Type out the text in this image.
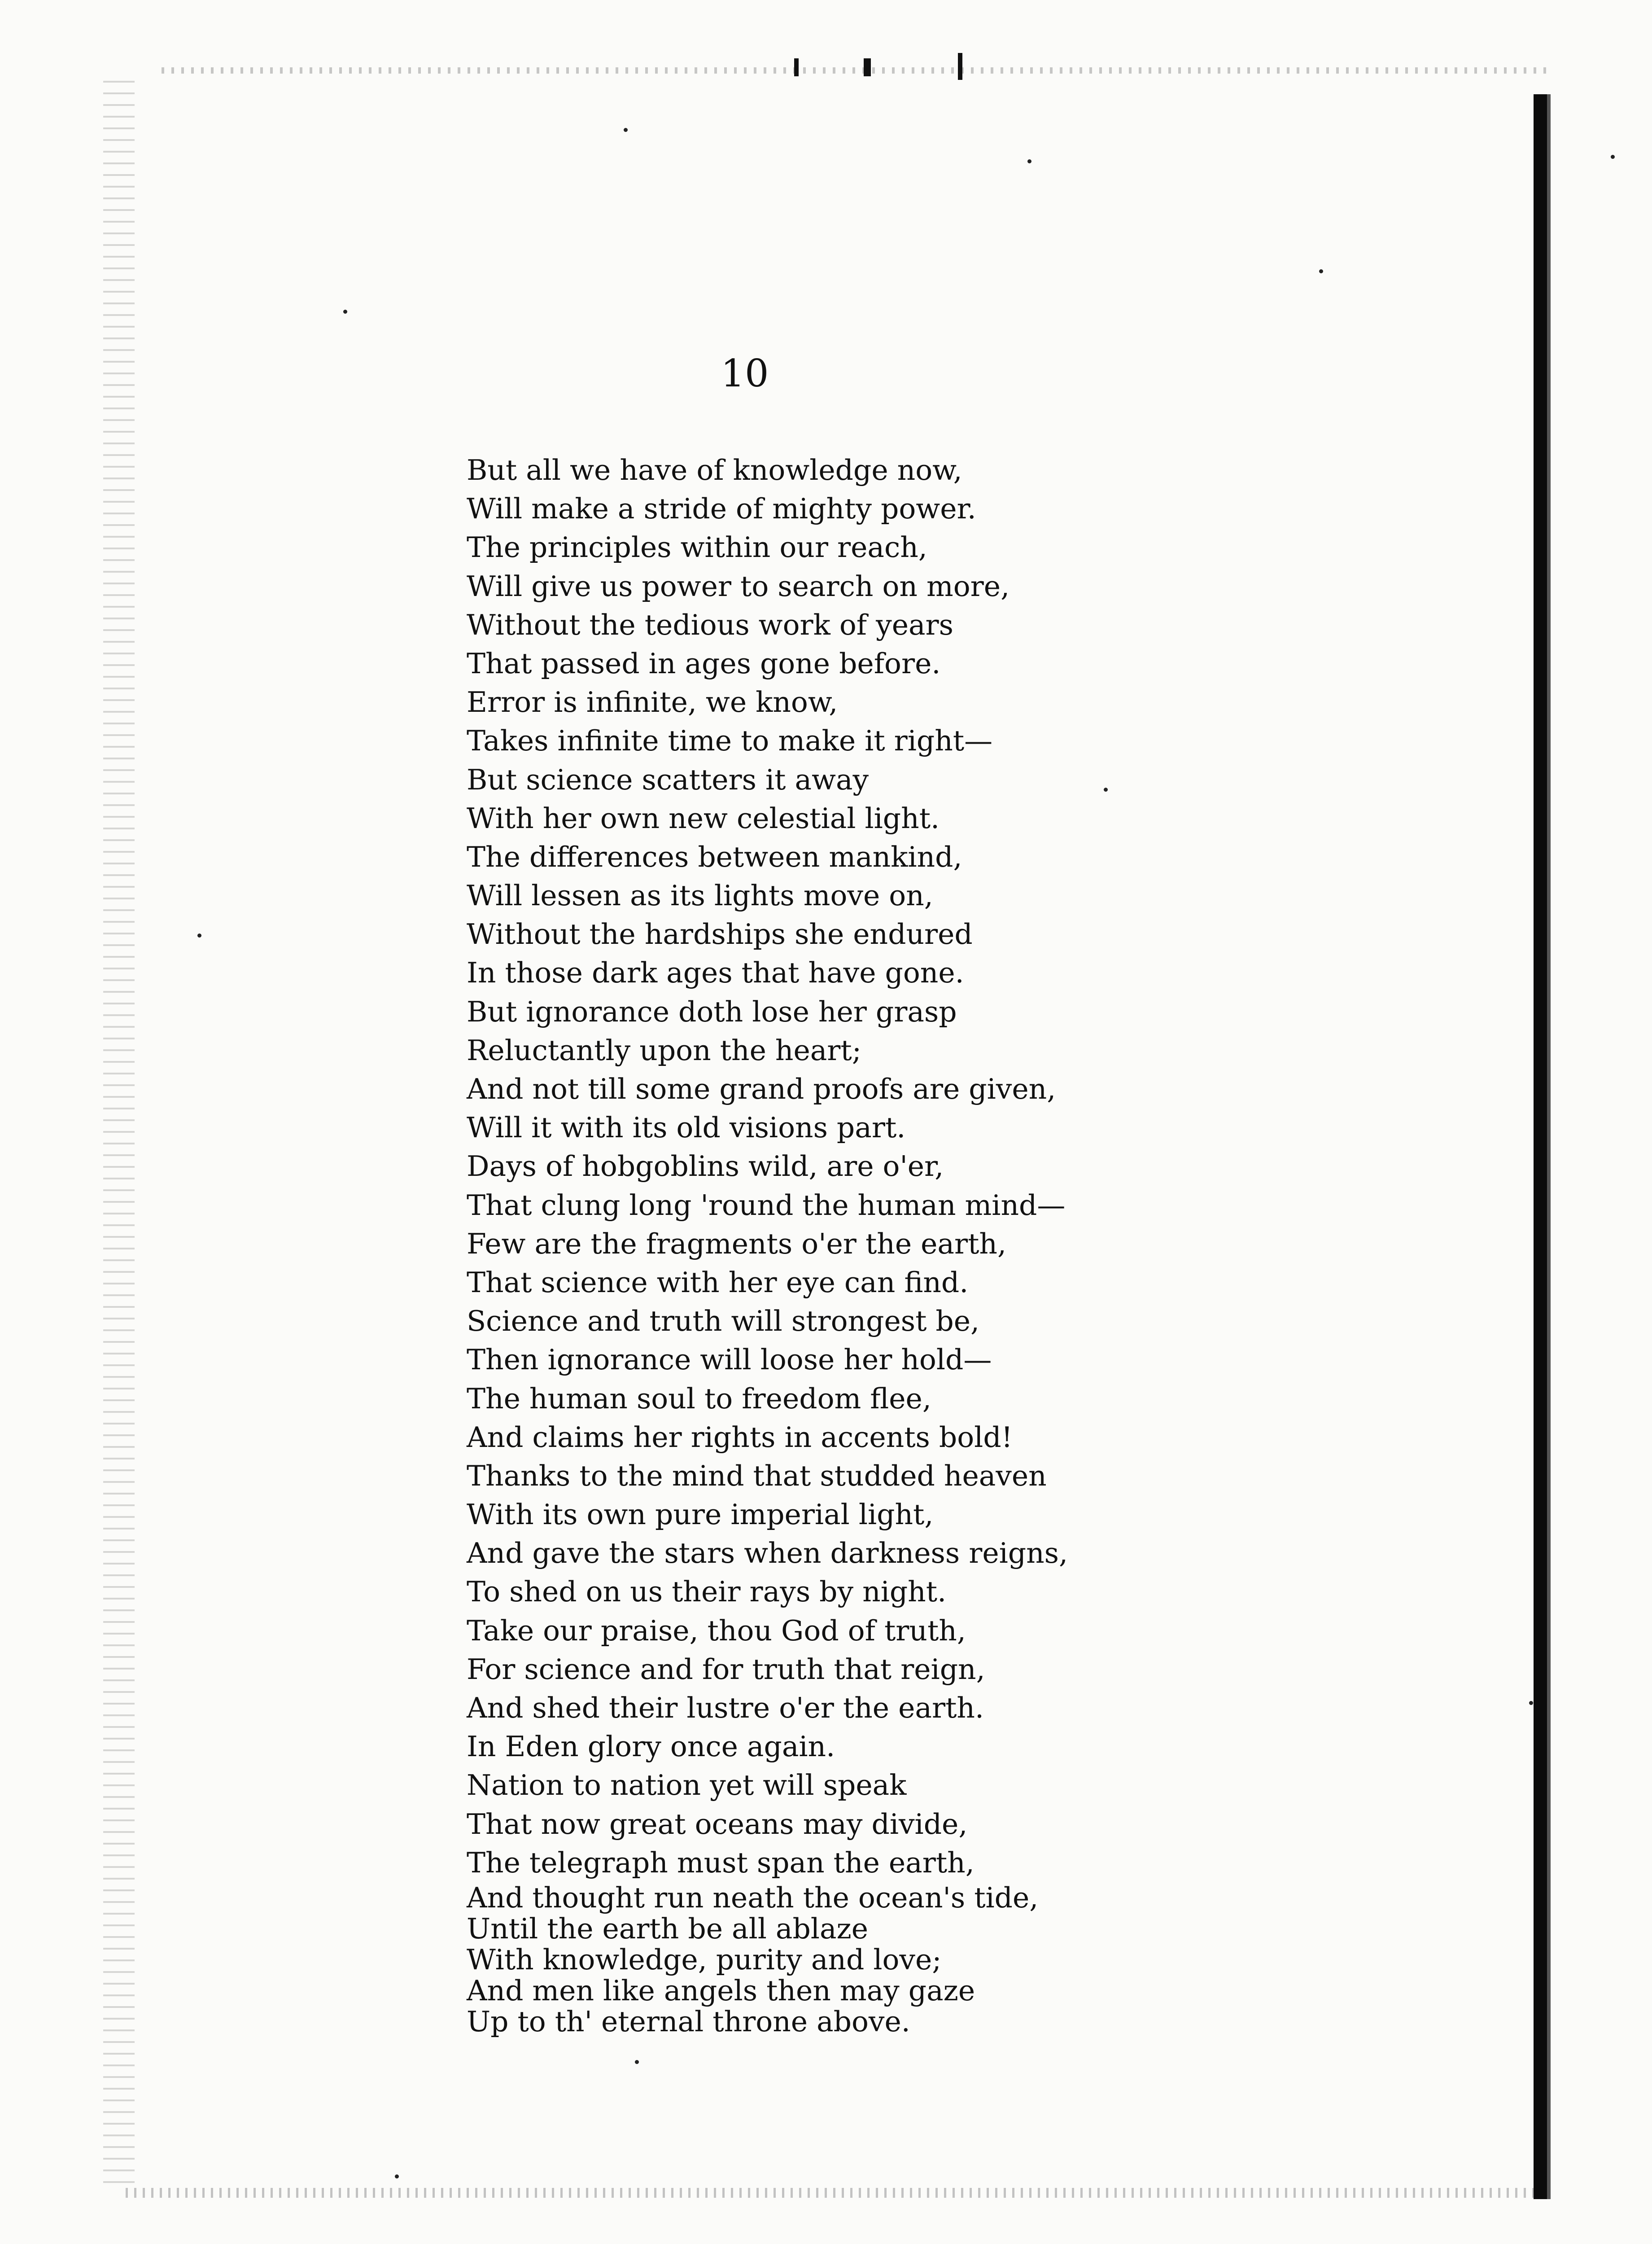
10
But all we have of knowledge now,
Will make a stride of mighty power.
The principles within our reach,
Will give us power to search on more,
Without the tedious work of years
That passed in ages gone before.
Error is infinite, we know,
Takes infinite time to make it right—
But science scatters it away
With her own new celestial light.
The differences between mankind,
Will lessen as its lights move on,
Without the hardships she endured
In those dark ages that have gone.
But ignorance doth lose her grasp
Reluctantly upon the heart;
And not till some grand proofs are given,
Will it with its old visions part.
Days of hobgoblins wild, are o'er,
That clung long 'round the human mind—
Few are the fragments o'er the earth,
That science with her eye can find.
Science and truth will strongest be,
Then ignorance will loose her hold—
The human soul to freedom flee,
And claims her rights in accents bold!
Thanks to the mind that studded heaven
With its own pure imperial light,
And gave the stars when darkness reigns,
To shed on us their rays by night.
Take our praise, thou God of truth,
For science and for truth that reign,
And shed their lustre o'er the earth.
In Eden glory once again.
Nation to nation yet will speak
That now great oceans may divide,
The telegraph must span the earth,
And thought run neath the ocean's tide,
Until the earth be all ablaze
With knowledge, purity and love;
And men like angels then may gaze
Up to th' eternal throne above.
